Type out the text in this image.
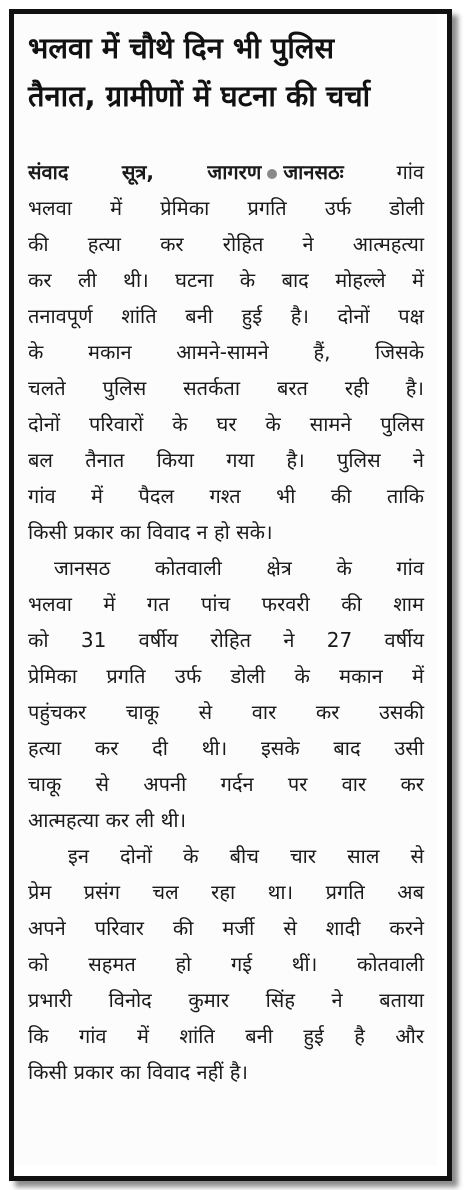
भलवा में चौथे दिन भी पुलिस
तैनात, ग्रामीणों में घटना की चर्चा
संवाद सूत्र, जागरण जानसठः	गांव
भलवा में प्रेमिका प्रगति उर्फ डोली
की हत्या कर रोहित ने आत्महत्या
कर ली थी। घटना के बाद मोहल्ले में
तनावपूर्ण शांति बनी हुई है। दोनों पक्ष
के मकान आमने-सामने हैं, जिसके
चलते पुलिस सतर्कता बरत रही है।
दोनों परिवारों के घर के सामने पुलिस
बल तैनात किया गया है। पुलिस ने
गांव में पैदल गश्त भी की ताकि
किसी प्रकार का विवाद न हो सके।
जानसठ कोतवाली क्षेत्र के गांव
भलवा में गत पांच फरवरी की शाम
को 31 वर्षीय रोहित ने 27 वर्षीय
प्रेमिका प्रगति उर्फ डोली के मकान में
पहुंचकर चाकू से वार कर उसकी
हत्या कर दी थी। इसके बाद उसी
चाकू से अपनी गर्दन पर वार कर
आत्महत्या कर ली थी।
इन दोनों के बीच चार साल से
प्रेम प्रसंग चल रहा था। प्रगति अब
अपने परिवार की मर्जी से शादी करने
को सहमत हो गई थीं। कोतवाली
प्रभारी विनोद कुमार सिंह ने बताया
कि गांव में शांति बनी हुई है और
किसी प्रकार का विवाद नहीं है।
